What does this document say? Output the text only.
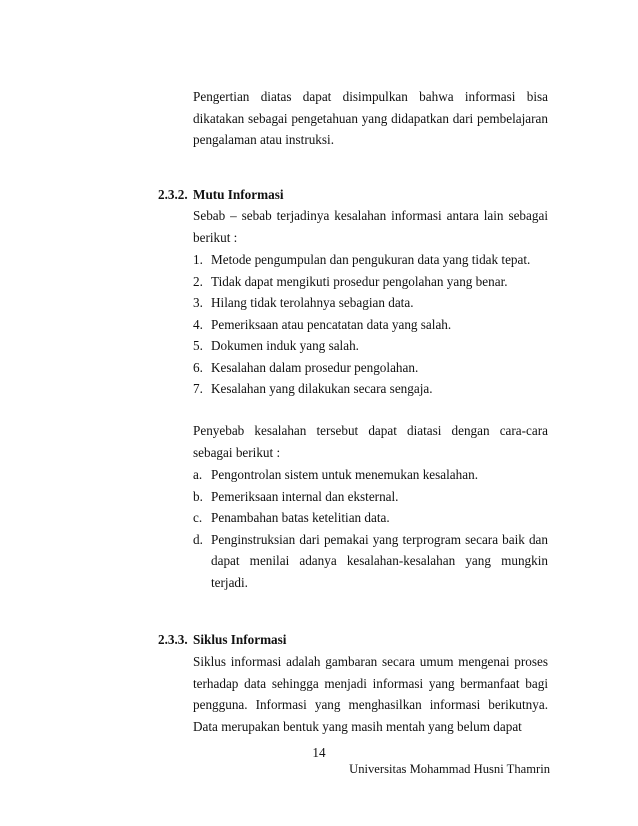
Pengertian diatas dapat disimpulkan bahwa informasi bisa dikatakan sebagai pengetahuan yang didapatkan dari pembelajaran pengalaman atau instruksi.
2.3.2. Mutu Informasi
Sebab – sebab terjadinya kesalahan informasi antara lain sebagai berikut :
1. Metode pengumpulan dan pengukuran data yang tidak tepat.
2. Tidak dapat mengikuti prosedur pengolahan yang benar.
3. Hilang tidak terolahnya sebagian data.
4. Pemeriksaan atau pencatatan data yang salah.
5. Dokumen induk yang salah.
6. Kesalahan dalam prosedur pengolahan.
7. Kesalahan yang dilakukan secara sengaja.
Penyebab kesalahan tersebut dapat diatasi dengan cara-cara sebagai berikut :
a. Pengontrolan sistem untuk menemukan kesalahan.
b. Pemeriksaan internal dan eksternal.
c. Penambahan batas ketelitian data.
d. Penginstruksian dari pemakai yang terprogram secara baik dan dapat menilai adanya kesalahan-kesalahan yang mungkin terjadi.
2.3.3. Siklus Informasi
Siklus informasi adalah gambaran secara umum mengenai proses terhadap data sehingga menjadi informasi yang bermanfaat bagi pengguna. Informasi yang menghasilkan informasi berikutnya. Data merupakan bentuk yang masih mentah yang belum dapat
14
Universitas Mohammad Husni Thamrin
